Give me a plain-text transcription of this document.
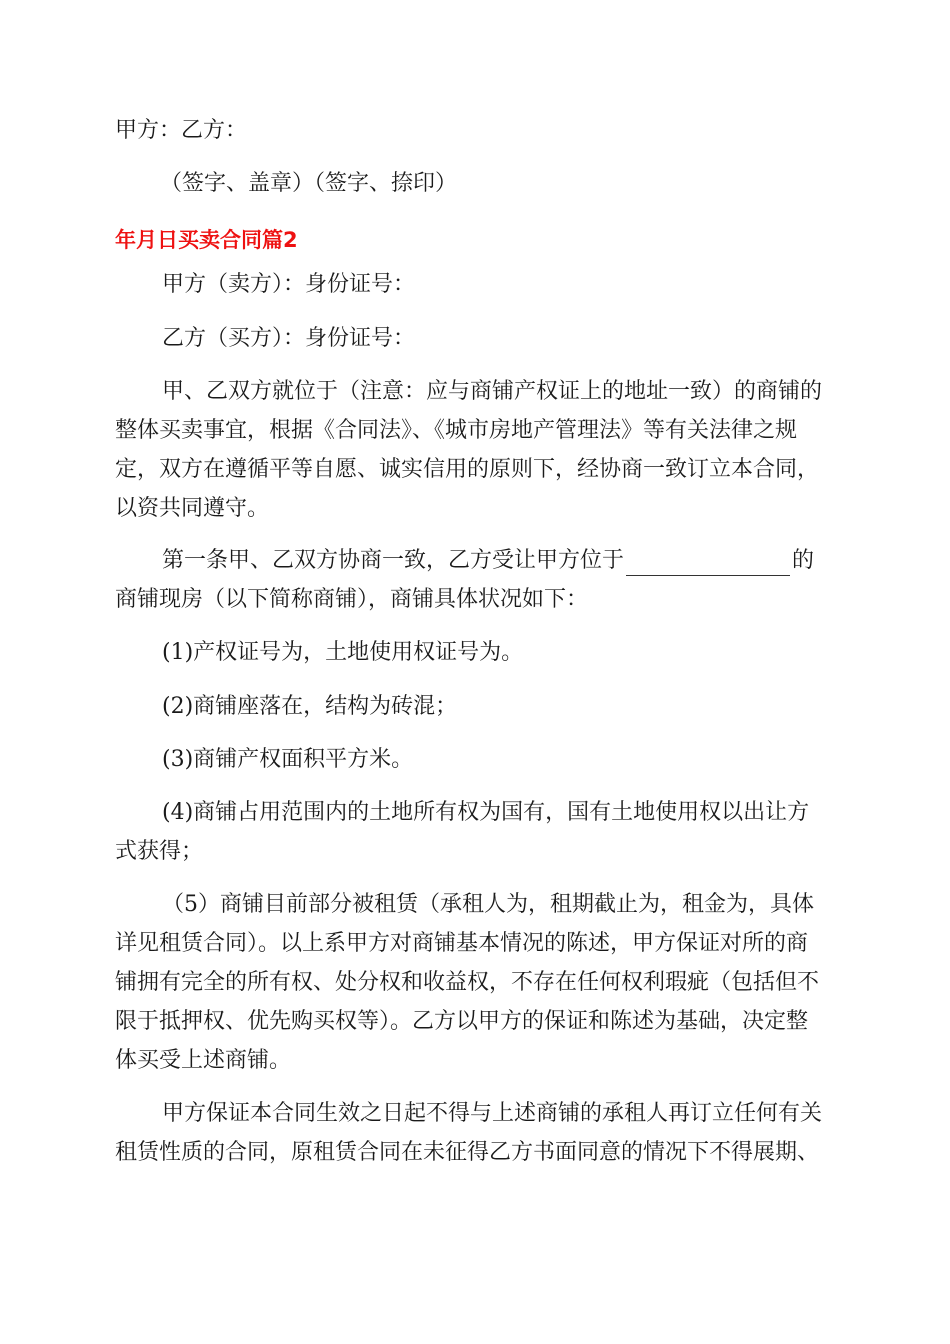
甲方：乙方：
（签字、盖章）（签字、捺印）
年月日买卖合同篇2
甲方（卖方）：身份证号：
乙方（买方）：身份证号：
甲、乙双方就位于（注意：应与商铺产权证上的地址一致）的商铺的
整体买卖事宜，根据《合同法》、《城市房地产管理法》等有关法律之规
定，双方在遵循平等自愿、诚实信用的原则下，经协商一致订立本合同，
以资共同遵守。
第一条甲、乙双方协商一致，乙方受让甲方位于	的
商铺现房（以下简称商铺），商铺具体状况如下：
(1)产权证号为，土地使用权证号为。
(2)商铺座落在，结构为砖混；
(3)商铺产权面积平方米。
(4)商铺占用范围内的土地所有权为国有，国有土地使用权以出让方
式获得；
（5）商铺目前部分被租赁（承租人为，租期截止为，租金为，具体
详见租赁合同）。以上系甲方对商铺基本情况的陈述，甲方保证对所的商
铺拥有完全的所有权、处分权和收益权，不存在任何权利瑕疵（包括但不
限于抵押权、优先购买权等）。乙方以甲方的保证和陈述为基础，决定整
体买受上述商铺。
甲方保证本合同生效之日起不得与上述商铺的承租人再订立任何有关
租赁性质的合同，原租赁合同在未征得乙方书面同意的情况下不得展期、
